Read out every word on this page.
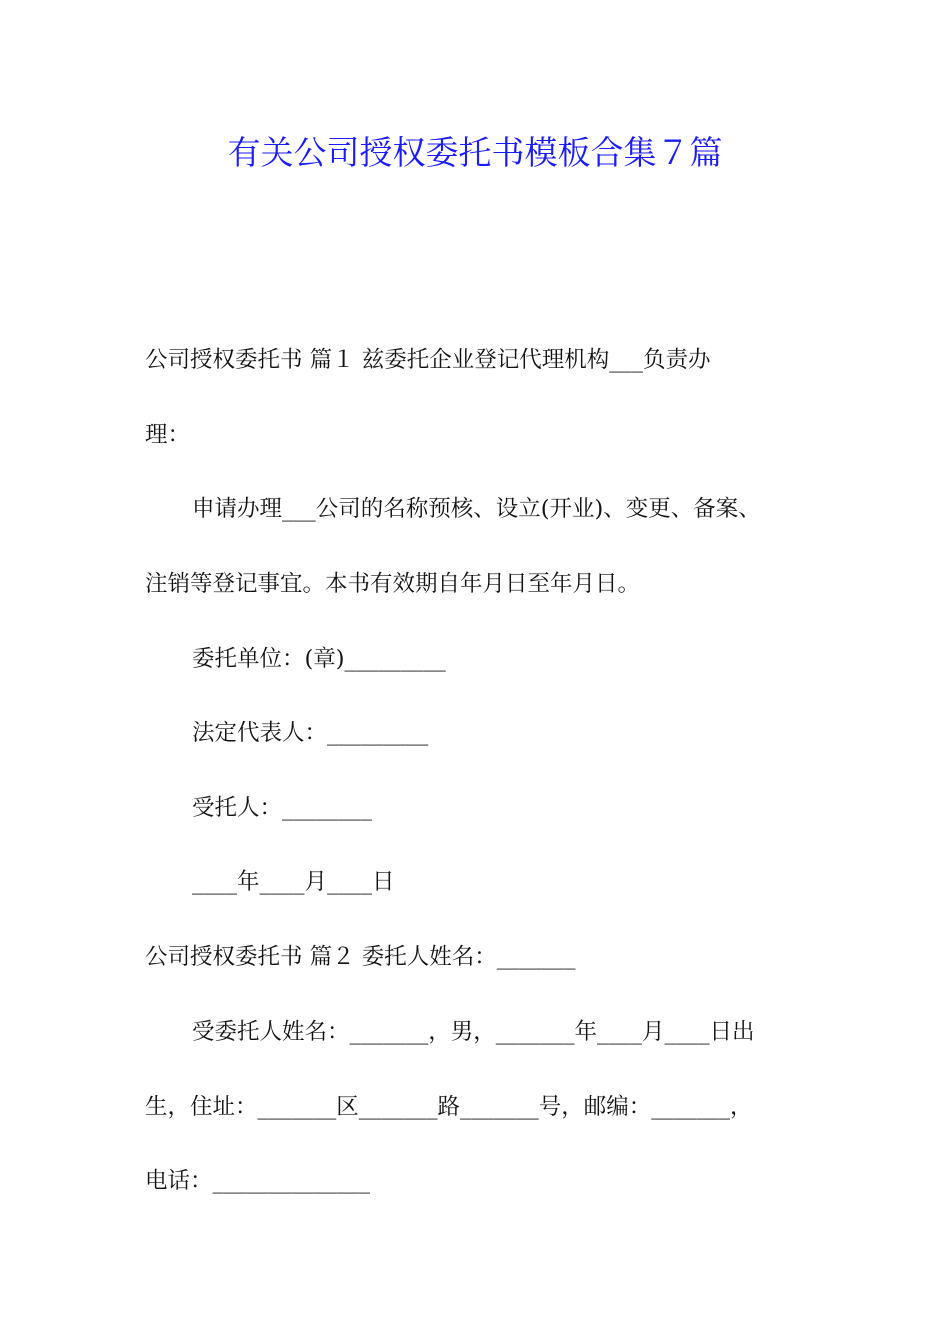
有关公司授权委托书模板合集７篇
公司授权委托书 篇１ 兹委托企业登记代理机构___负责办
理：
申请办理___公司的名称预核、设立(开业)、变更、备案、
注销等登记事宜。本书有效期自年月日至年月日。
委托单位：(章)_________
法定代表人：_________
受托人：________
____年____月____日
公司授权委托书 篇２ 委托人姓名：_______
受委托人姓名：_______，男，_______年____月____日出
生，住址：_______区_______路_______号，邮编：_______，
电话：______________
